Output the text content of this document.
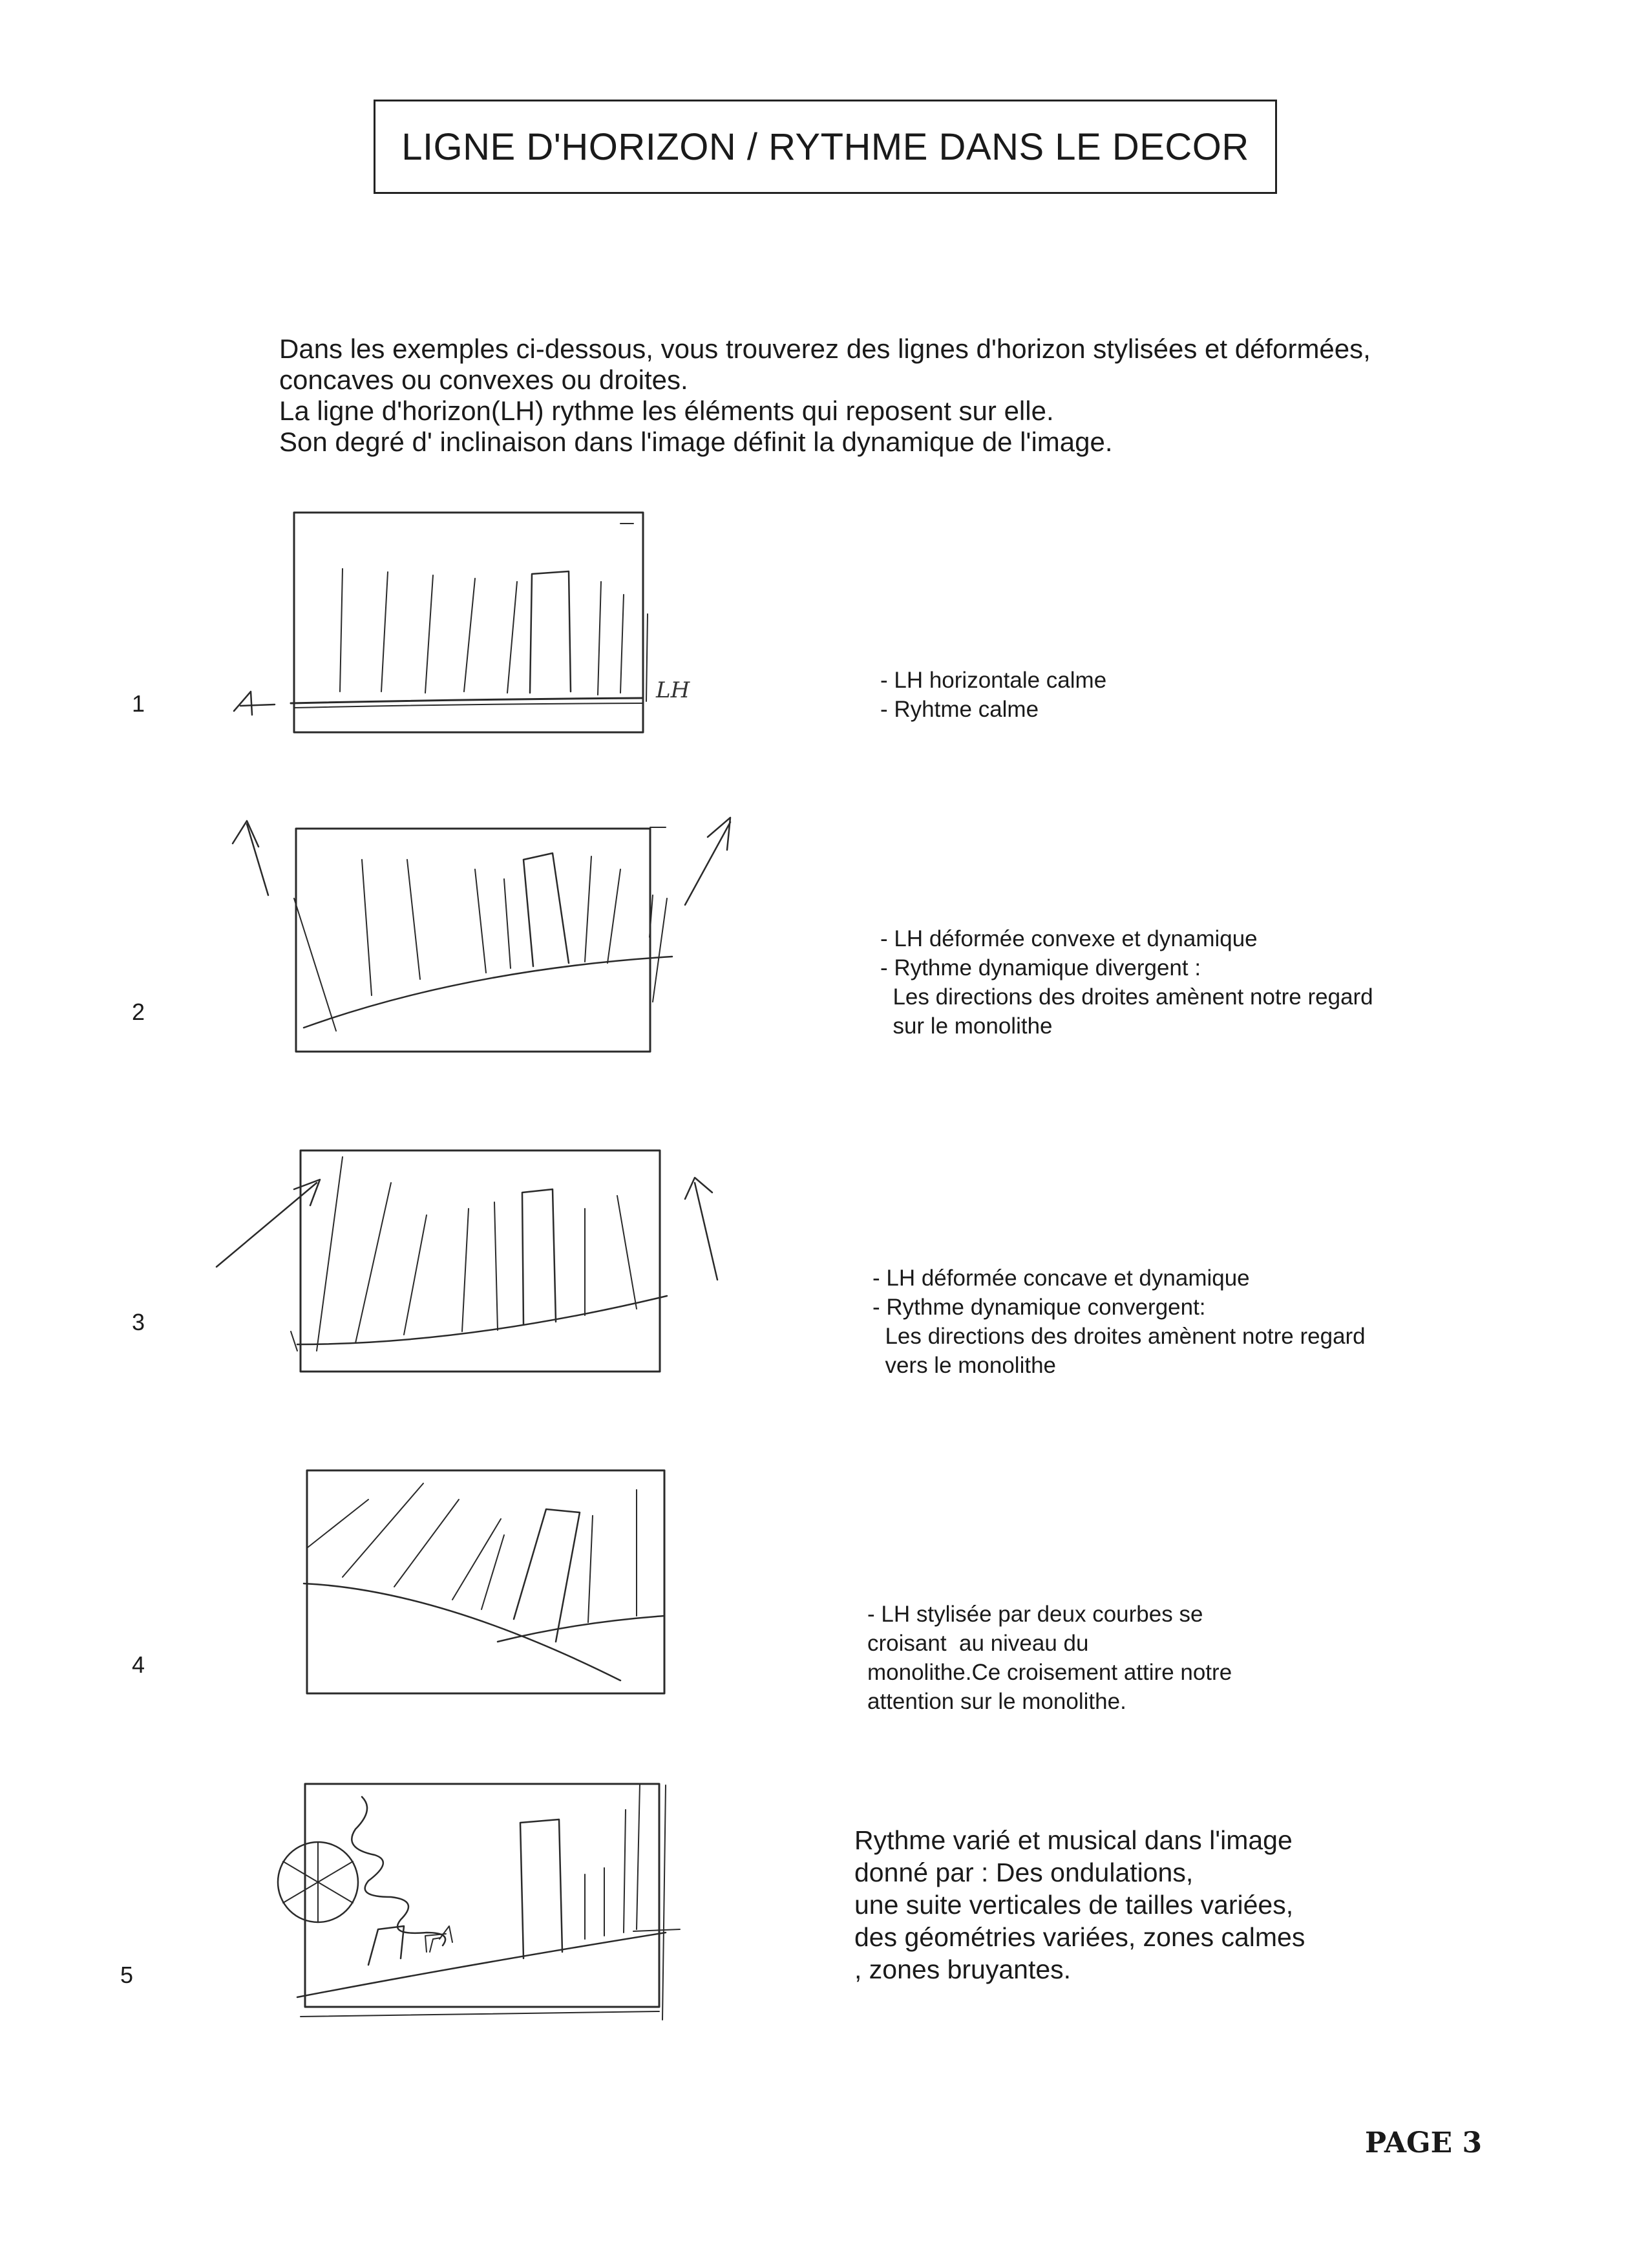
LIGNE D'HORIZON / RYTHME DANS LE DECOR

Dans les exemples ci-dessous, vous trouverez des lignes d'horizon stylisées et déformées,

concaves ou convexes ou droites.

La ligne d'horizon(LH) rythme les éléments qui reposent sur elle.

Son degré d' inclinaison dans l'image définit la dynamique de l'image.

1	LH	- LH horizontale calme

- Ryhtme calme

2

- LH déformée convexe et dynamique

- Rythme dynamique divergent :

Les directions des droites amènent notre regard

sur le monolithe

3

- LH déformée concave et dynamique

- Rythme dynamique convergent:

Les directions des droites amènent notre regard

vers le monolithe

4

- LH stylisée par deux courbes se

croisant  au niveau du

monolithe.Ce croisement attire notre

attention sur le monolithe.

5

Rythme varié et musical dans l'image

donné par : Des ondulations,

une suite verticales de tailles variées,

des géométries variées, zones calmes

, zones bruyantes.

PAGE 3
